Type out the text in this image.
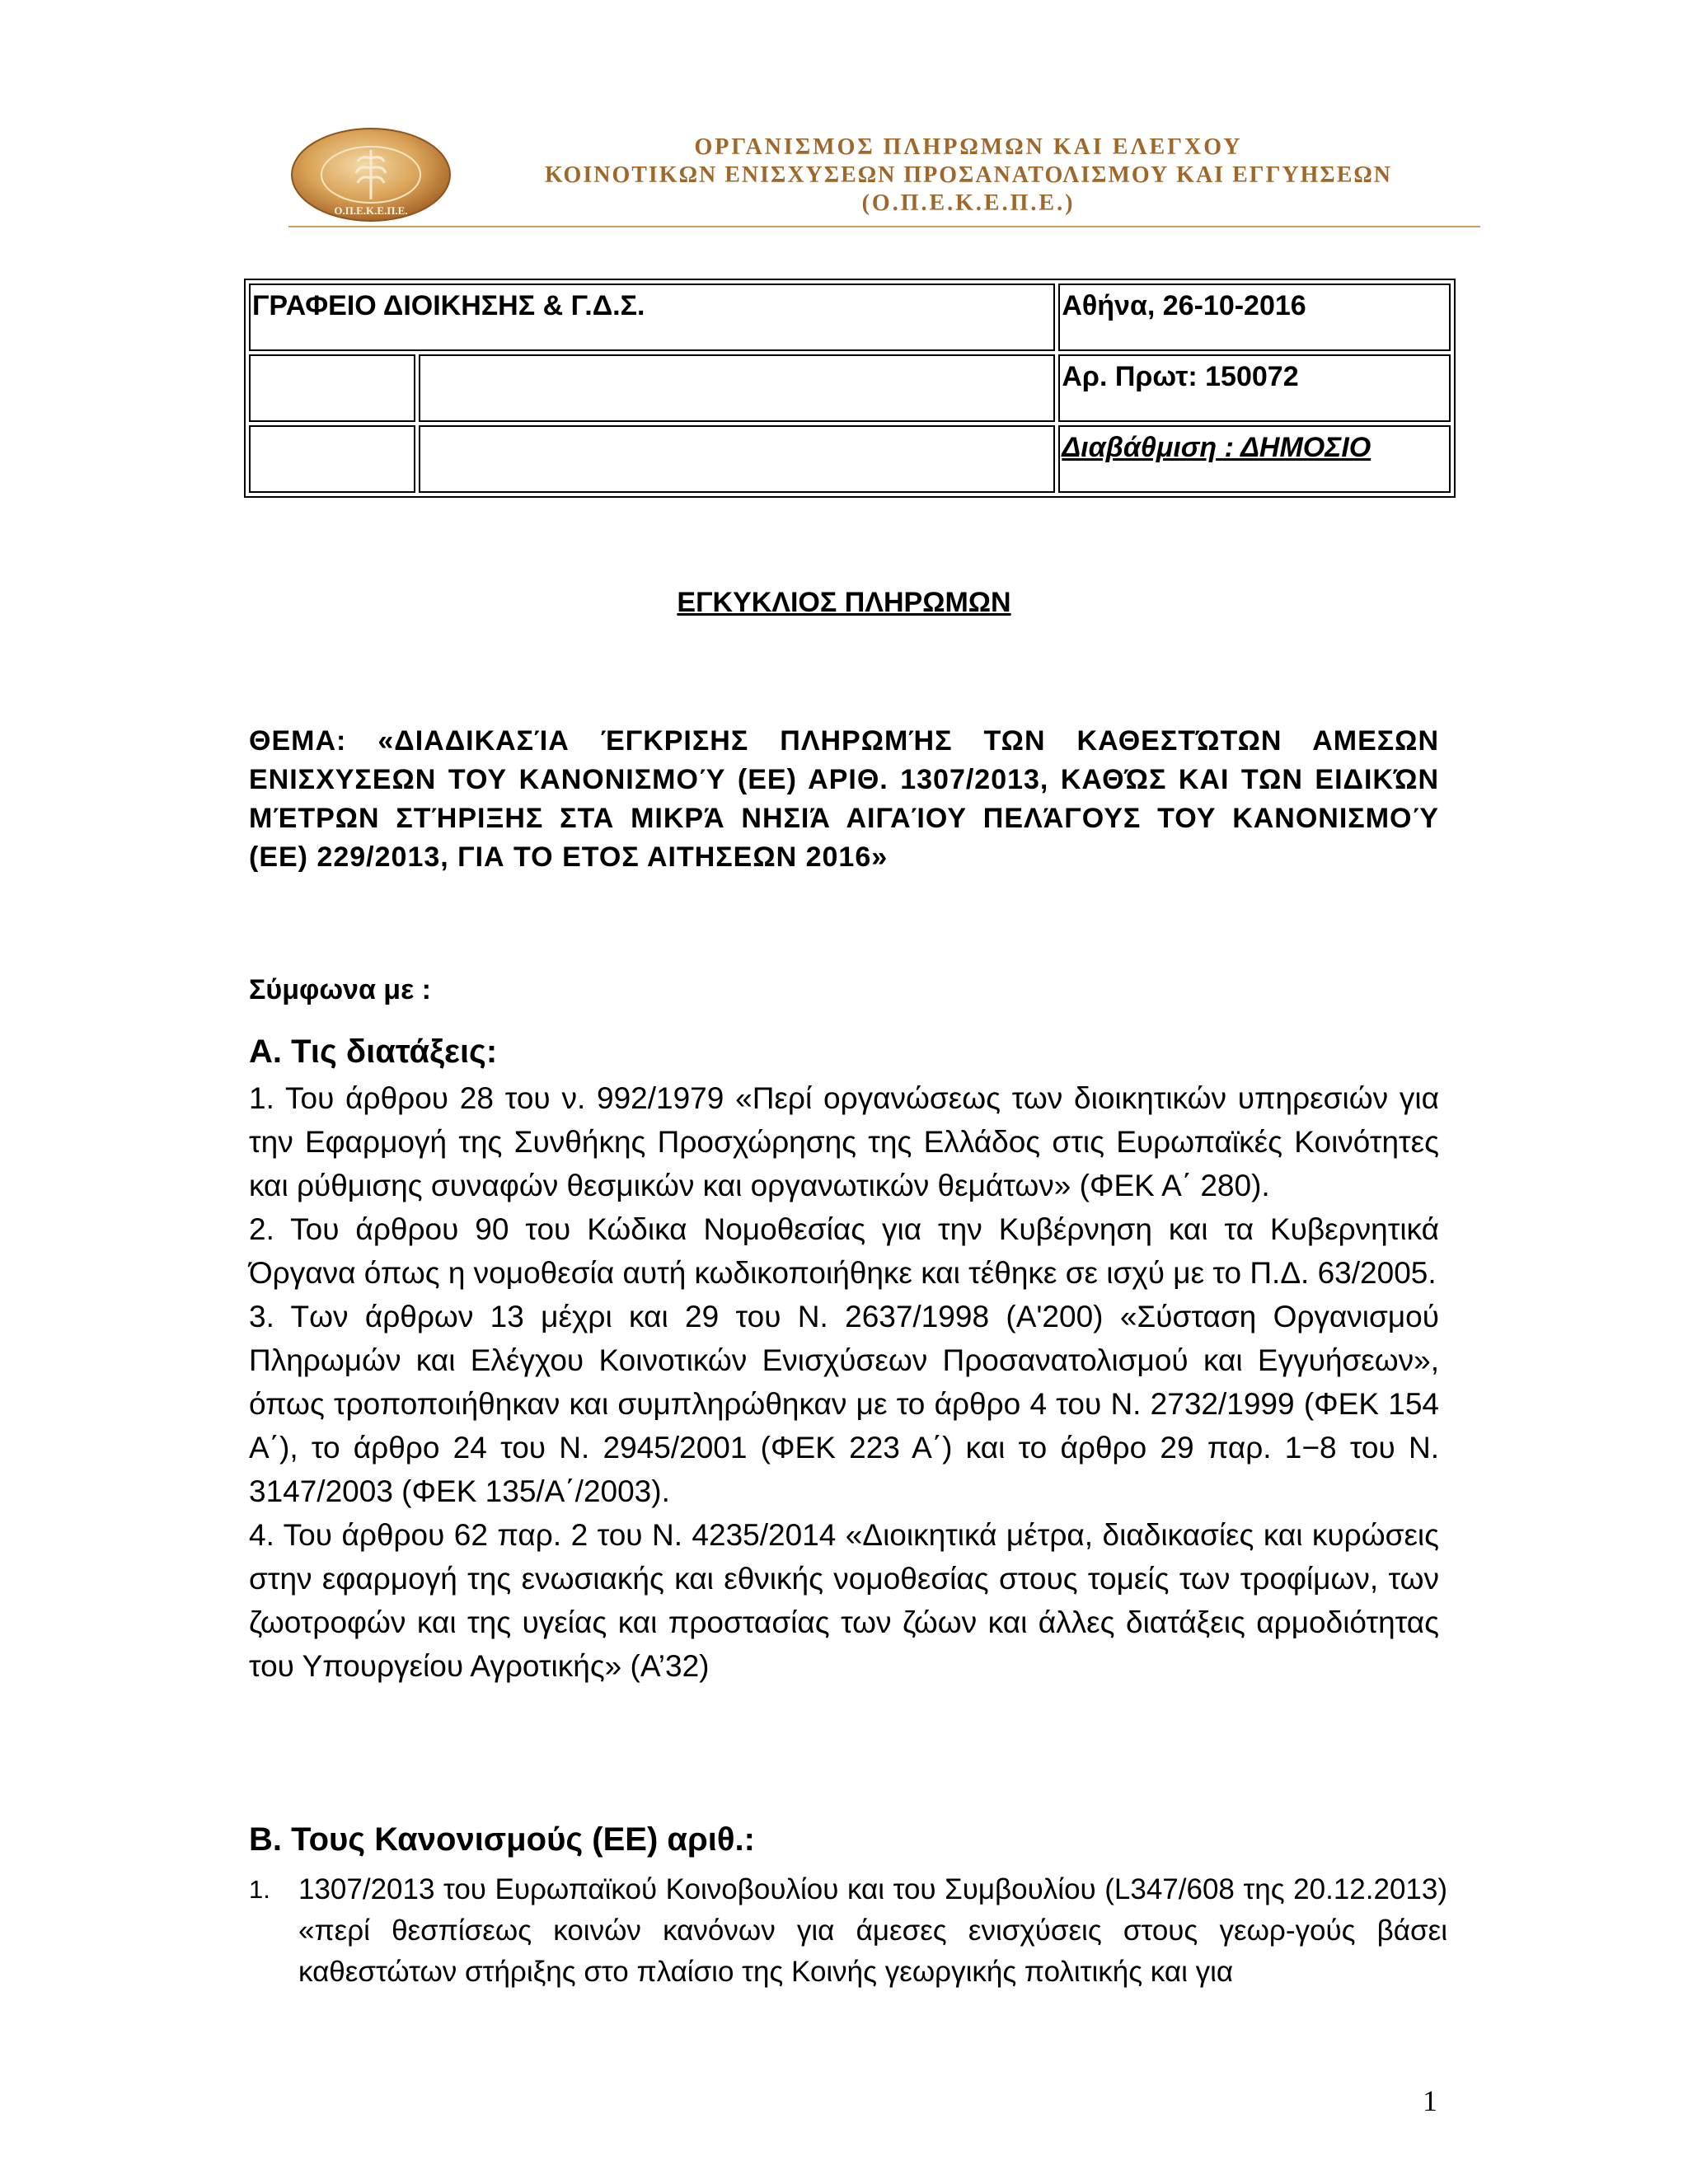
Ο.Π.Ε.Κ.Ε.Π.Ε.
ΟΡΓΑΝΙΣΜΟΣ ΠΛΗΡΩΜΩΝ ΚΑΙ ΕΛΕΓΧΟΥ
ΚΟΙΝΟΤΙΚΩΝ ΕΝΙΣΧΥΣΕΩΝ ΠΡΟΣΑΝΑΤΟΛΙΣΜΟΥ ΚΑΙ ΕΓΓΥΗΣΕΩΝ
(Ο.Π.Ε.Κ.Ε.Π.Ε.)
ΓΡΑΦΕΙΟ ΔΙΟΙΚΗΣΗΣ & Γ.Δ.Σ.		Αθήνα, 26-10-2016
		Αρ. Πρωτ: 150072
		Διαβάθμιση : ΔΗΜΟΣΙΟ
ΕΓΚΥΚΛΙΟΣ ΠΛΗΡΩΜΩΝ
ΘΕΜΑ: «ΔΙΑΔΙΚΑΣΊΑ ΈΓΚΡΙΣΗΣ ΠΛΗΡΩΜΉΣ ΤΩΝ ΚΑΘΕΣΤΏΤΩΝ ΑΜΕΣΩΝ ΕΝΙΣΧΥΣΕΩΝ ΤΟΥ ΚΑΝΟΝΙΣΜΟΎ (ΕΕ) ΑΡΙΘ. 1307/2013, ΚΑΘΏΣ ΚΑΙ ΤΩΝ ΕΙΔΙΚΏΝ ΜΈΤΡΩΝ ΣΤΉΡΙΞΗΣ ΣΤΑ ΜΙΚΡΆ ΝΗΣΙΆ ΑΙΓΑΊΟΥ ΠΕΛΆΓΟΥΣ ΤΟΥ ΚΑΝΟΝΙΣΜΟΎ (ΕΕ) 229/2013, ΓΙΑ ΤΟ ΕΤΟΣ ΑΙΤΗΣΕΩΝ 2016»
Σύμφωνα με :
Α. Τις διατάξεις:

1. Του άρθρου 28 του ν. 992/1979 «Περί οργανώσεως των διοικητικών υπηρεσιών για την Εφαρμογή της Συνθήκης Προσχώρησης της Ελλάδος στις Ευρωπαϊκές Κοινότητες και ρύθμισης συναφών θεσμικών και οργανωτικών θεμάτων» (ΦΕΚ Α΄ 280).

2. Του άρθρου 90 του Κώδικα Νομοθεσίας για την Κυβέρνηση και τα Κυβερνητικά Όργανα όπως η νομοθεσία αυτή κωδικοποιήθηκε και τέθηκε σε ισχύ με το Π.Δ. 63/2005.

3. Των άρθρων 13 μέχρι και 29 του Ν. 2637/1998 (Α'200) «Σύσταση Οργανισμού Πληρωμών και Ελέγχου Κοινοτικών Ενισχύσεων Προσανατολισμού και Εγγυήσεων», όπως τροποποιήθηκαν και συμπληρώθηκαν με το άρθρο 4 του Ν. 2732/1999 (ΦΕΚ 154 Α΄), το άρθρο 24 του Ν. 2945/2001 (ΦΕΚ 223 Α΄) και το άρθρο 29 παρ. 1−8 του Ν. 3147/2003 (ΦΕΚ 135/Α΄/2003).

4. Του άρθρου 62 παρ. 2 του Ν. 4235/2014 «Διοικητικά μέτρα, διαδικασίες και κυρώσεις στην εφαρμογή της ενωσιακής και εθνικής νομοθεσίας στους τομείς των τροφίμων, των ζωοτροφών και της υγείας και προστασίας των ζώων και άλλες διατάξεις αρμοδιότητας του Υπουργείου Αγροτικής» (Α’32)

Β. Τους Κανονισμούς (ΕΕ) αριθ.:
1. 1307/2013 του Ευρωπαϊκού Κοινοβουλίου και του Συμβουλίου (L347/608 της 20.12.2013) «περί θεσπίσεως κοινών κανόνων για άμεσες ενισχύσεις στους γεωρ-γούς βάσει καθεστώτων στήριξης στο πλαίσιο της Κοινής γεωργικής πολιτικής και για
1
